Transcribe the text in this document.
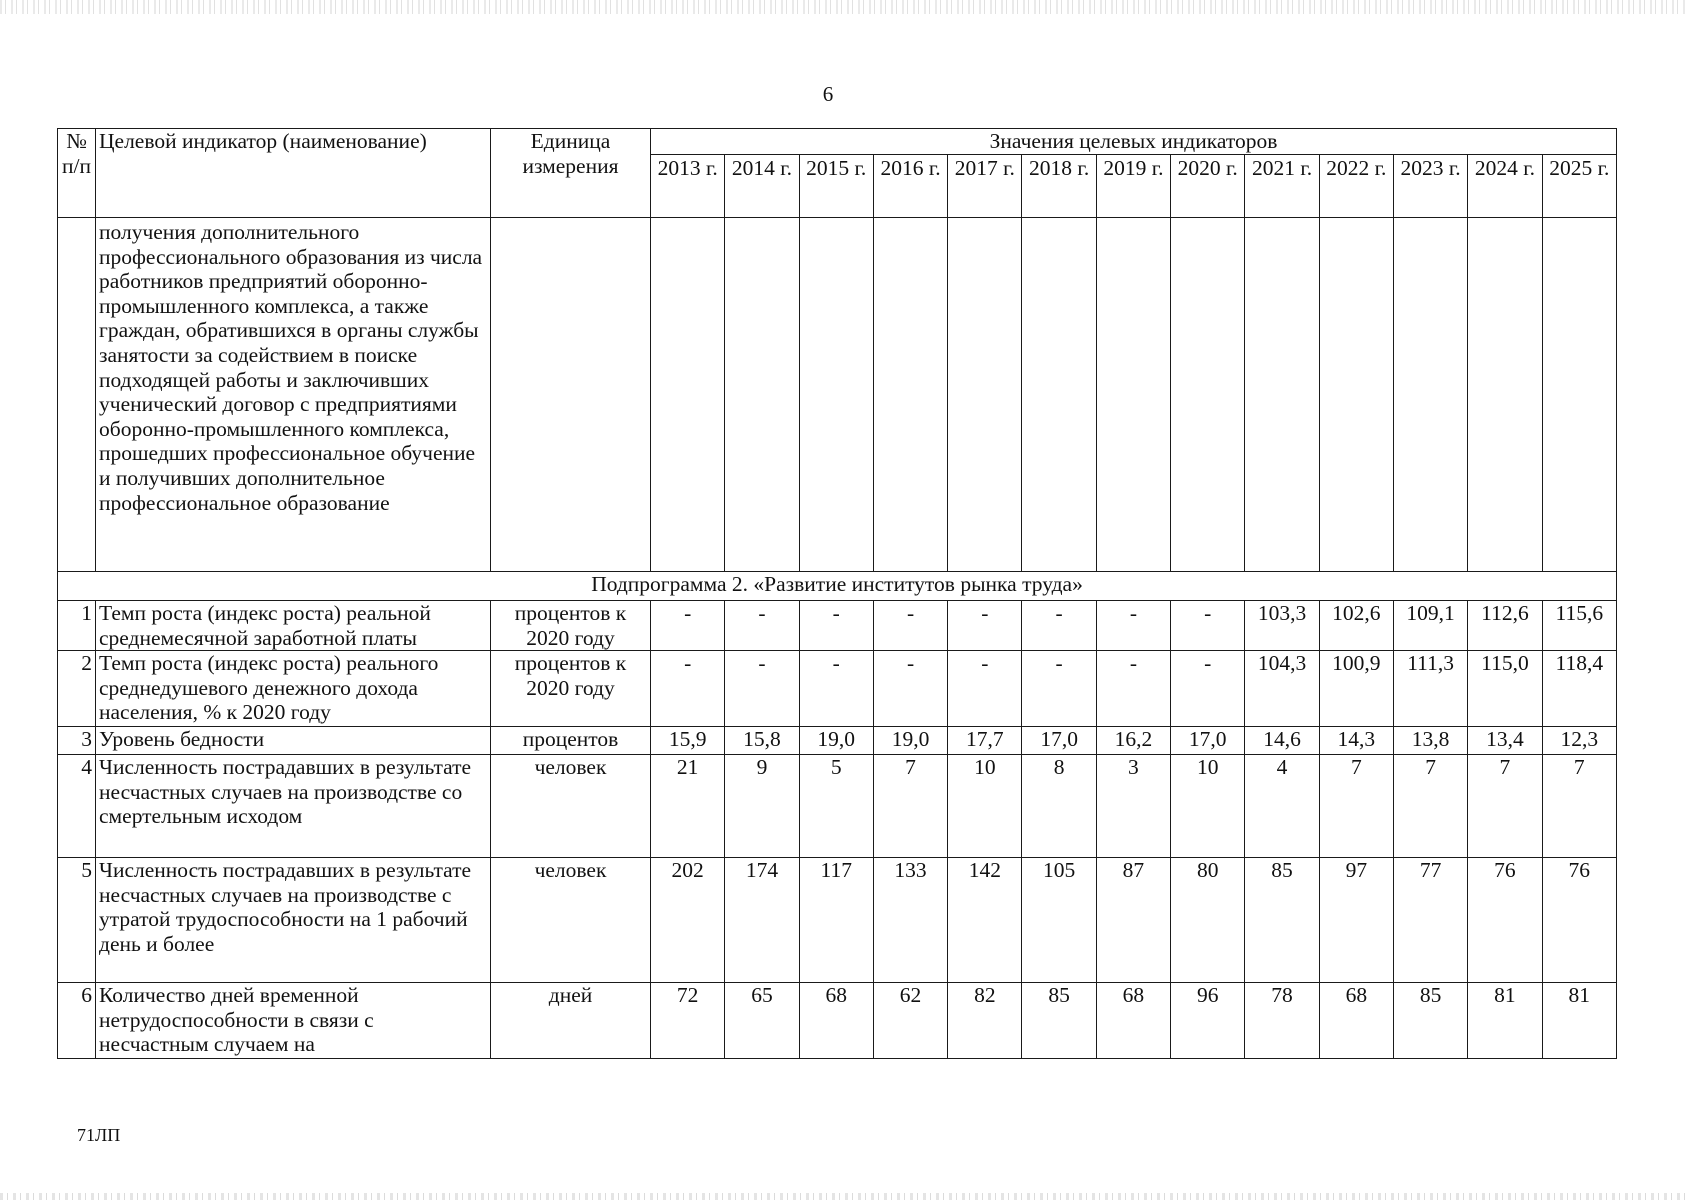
6
№ п/п	Целевой индикатор (наименование)	Единица измерения	Значения целевых индикаторов												
			2013 г.	2014 г.	2015 г.	2016 г.	2017 г.	2018 г.	2019 г.	2020 г.	2021 г.	2022 г.	2023 г.	2024 г.	2025 г.
	получения дополнительного профессионального образования из числа работников предприятий оборонно-промышленного комплекса, а также граждан, обратившихся в органы службы занятости за содействием в поиске подходящей работы и заключивших ученический договор с предприятиями оборонно-промышленного комплекса, прошедших профессиональное обучение и получивших дополнительное профессиональное образование														
Подпрограмма 2. «Развитие институтов рынка труда»															
1	Темп роста (индекс роста) реальной среднемесячной заработной платы	процентов к 2020 году	-	-	-	-	-	-	-	-	103,3	102,6	109,1	112,6	115,6
2	Темп роста (индекс роста) реального среднедушевого денежного дохода населения, % к 2020 году	процентов к 2020 году	-	-	-	-	-	-	-	-	104,3	100,9	111,3	115,0	118,4
3	Уровень бедности	процентов	15,9	15,8	19,0	19,0	17,7	17,0	16,2	17,0	14,6	14,3	13,8	13,4	12,3
4	Численность пострадавших в результате несчастных случаев на производстве со смертельным исходом	человек	21	9	5	7	10	8	3	10	4	7	7	7	7
5	Численность пострадавших в результате несчастных случаев на производстве с утратой трудоспособности на 1 рабочий день и более	человек	202	174	117	133	142	105	87	80	85	97	77	76	76
6	Количество дней временной нетрудоспособности в связи с несчастным случаем на	дней	72	65	68	62	82	85	68	96	78	68	85	81	81
71ЛП
